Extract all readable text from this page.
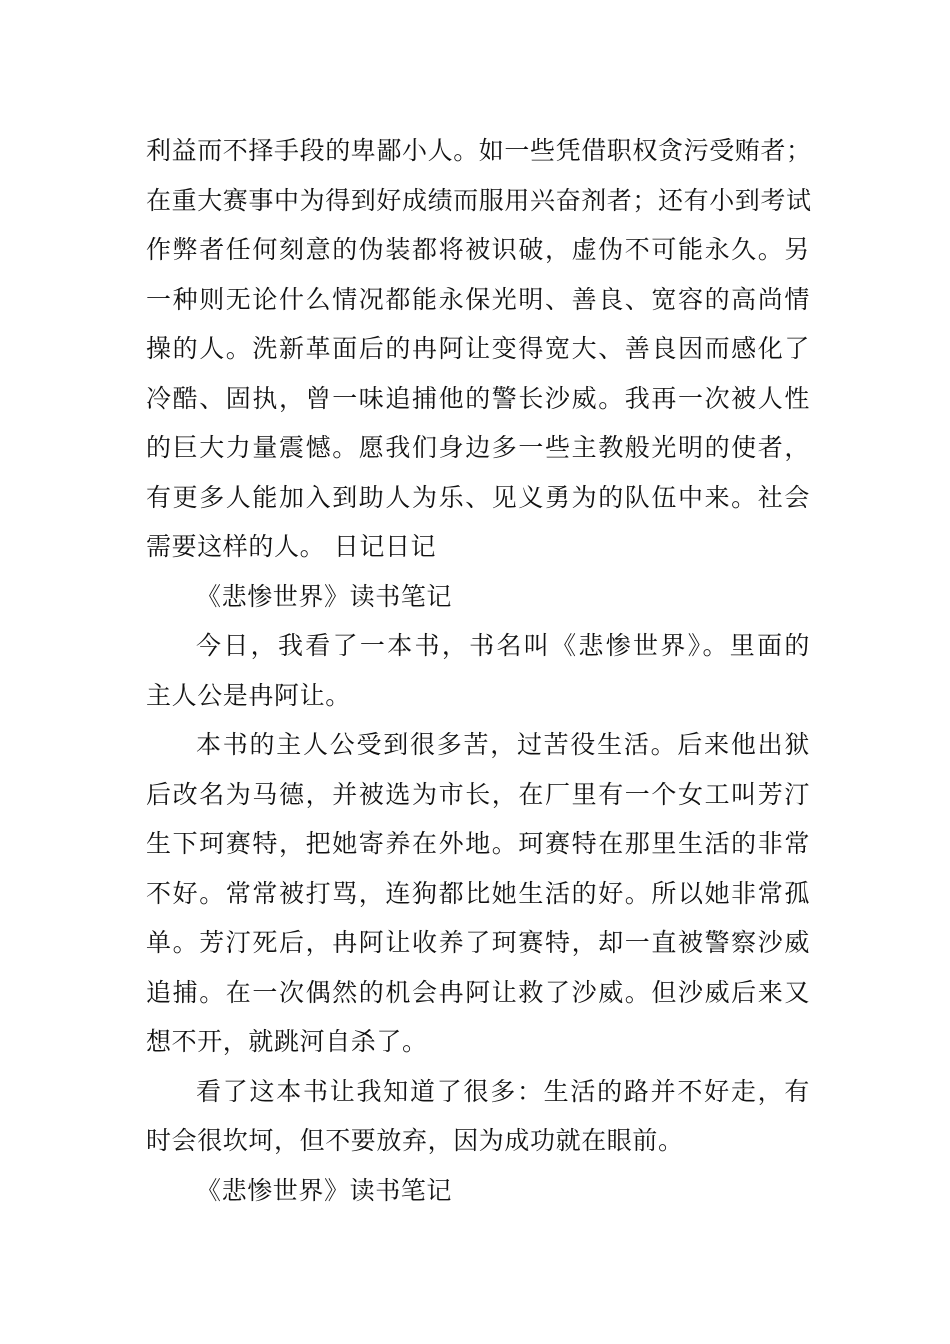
利益而不择手段的卑鄙小人。如一些凭借职权贪污受贿者；
在重大赛事中为得到好成绩而服用兴奋剂者；还有小到考试
作弊者任何刻意的伪装都将被识破，虚伪不可能永久。另
一种则无论什么情况都能永保光明、善良、宽容的高尚情
操的人。洗新革面后的冉阿让变得宽大、善良因而感化了
冷酷、固执，曾一味追捕他的警长沙威。我再一次被人性
的巨大力量震憾。愿我们身边多一些主教般光明的使者，
有更多人能加入到助人为乐、见义勇为的队伍中来。社会
需要这样的人。 日记日记
《悲惨世界》读书笔记
今日，我看了一本书，书名叫《悲惨世界》。里面的
主人公是冉阿让。
本书的主人公受到很多苦，过苦役生活。后来他出狱
后改名为马德，并被选为市长，在厂里有一个女工叫芳汀
生下珂赛特，把她寄养在外地。珂赛特在那里生活的非常
不好。常常被打骂，连狗都比她生活的好。所以她非常孤
单。芳汀死后，冉阿让收养了珂赛特，却一直被警察沙威
追捕。在一次偶然的机会冉阿让救了沙威。但沙威后来又
想不开，就跳河自杀了。
看了这本书让我知道了很多：生活的路并不好走，有
时会很坎坷，但不要放弃，因为成功就在眼前。
《悲惨世界》读书笔记
